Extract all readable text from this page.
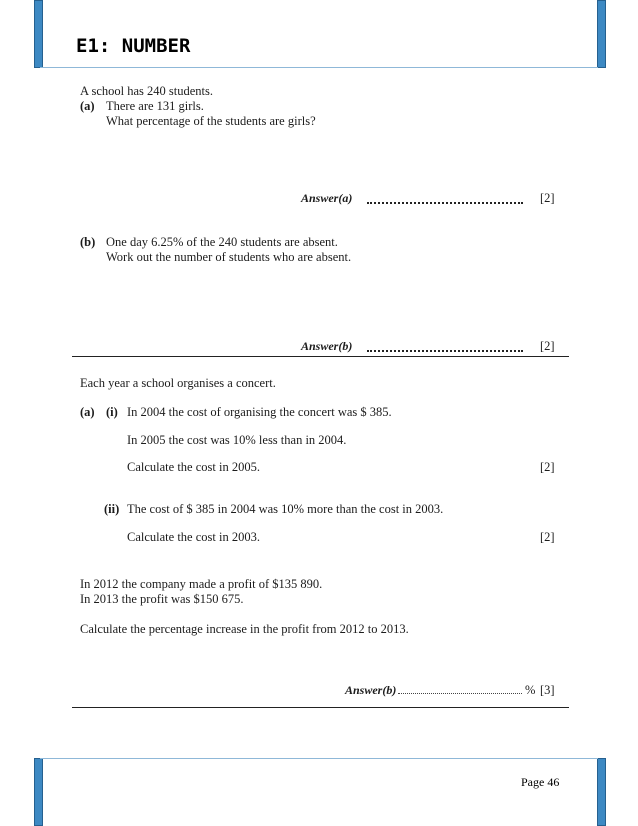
E1: NUMBER
A school has 240 students.
(a) There are 131 girls.
What percentage of the students are girls?
Answer(a)	[2]
(b) One day 6.25% of the 240 students are absent.
Work out the number of students who are absent.
Answer(b)	[2]
Each year a school organises a concert.
(a) (i) In 2004 the cost of organising the concert was $ 385.
In 2005 the cost was 10% less than in 2004.
Calculate the cost in 2005.	[2]
(ii) The cost of $ 385 in 2004 was 10% more than the cost in 2003.
Calculate the cost in 2003.	[2]
In 2012 the company made a profit of $135 890.
In 2013 the profit was $150 675.
Calculate the percentage increase in the profit from 2012 to 2013.
Answer(b)	% [3]
Page 46
